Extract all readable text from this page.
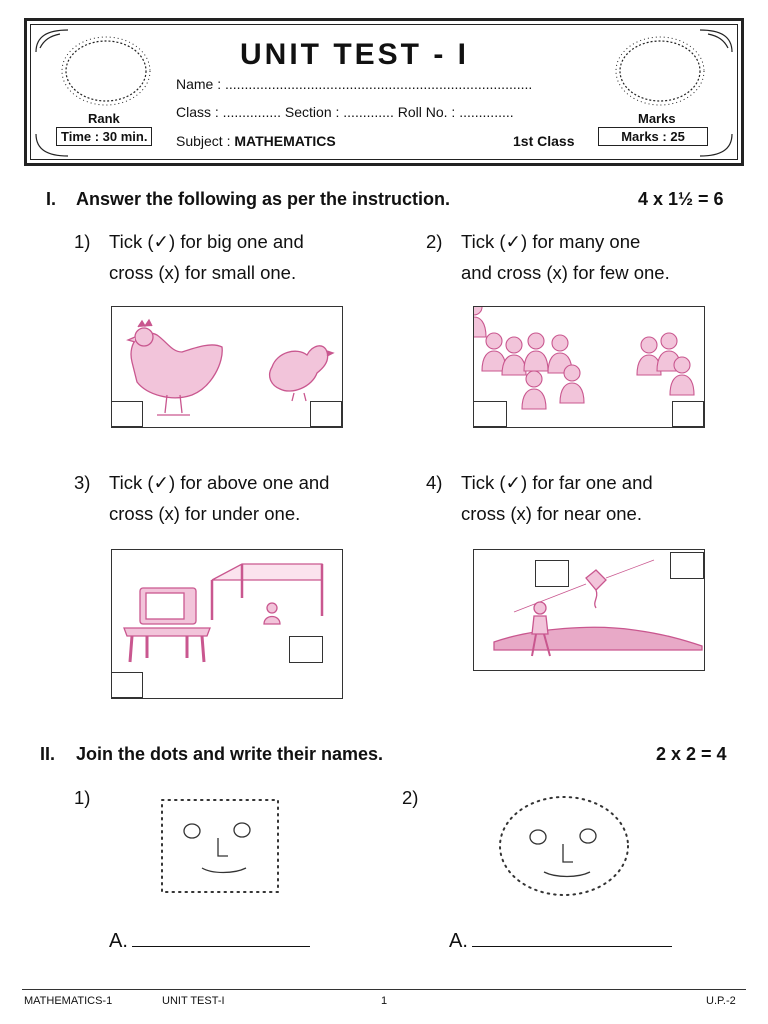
UNIT TEST - I
Name : ...............................................................................
Class : ............... Section : ............. Roll No. : ..............
Subject : MATHEMATICS	1st Class
Rank	Marks
Time : 30 min.	Marks : 25
I. Answer the following as per the instruction.	4 x 1½ = 6
1) Tick (✓) for big one and
cross (x) for small one.
2) Tick (✓) for many one
and cross (x) for few one.
3) Tick (✓) for above one and
cross (x) for under one.
4) Tick (✓) for far one and
cross (x) for near one.
II. Join the dots and write their names.	2 x 2 = 4
1)	2)
A.	A.
MATHEMATICS-1	UNIT TEST-I	1	U.P.-2
